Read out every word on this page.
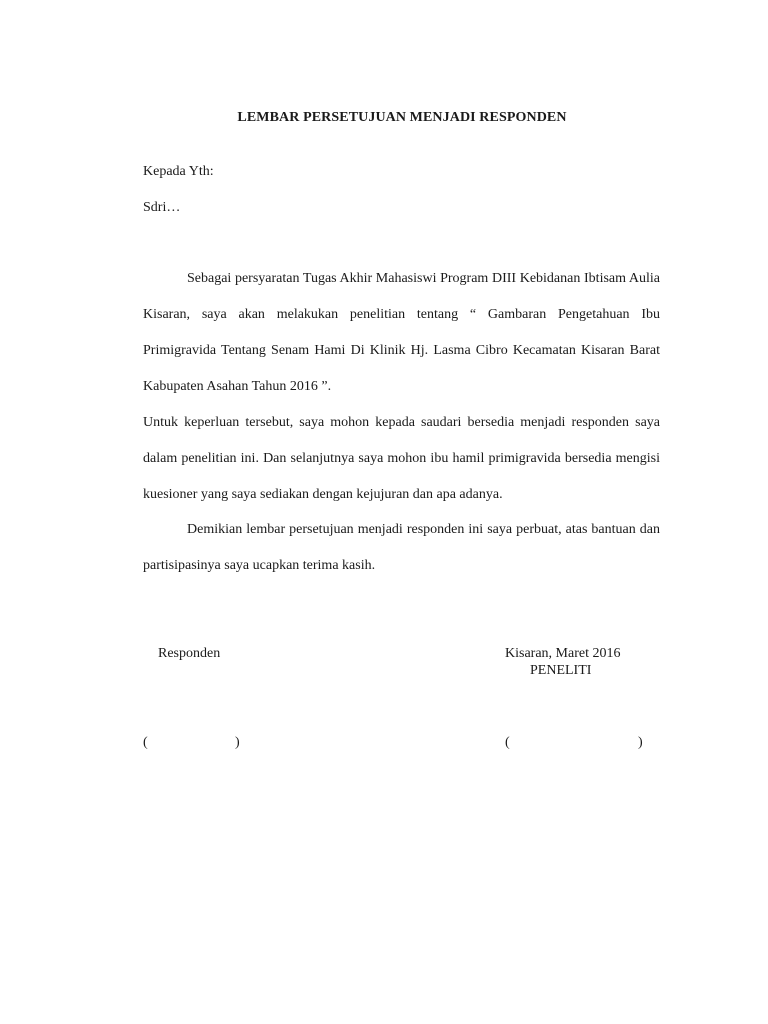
LEMBAR PERSETUJUAN MENJADI RESPONDEN
Kepada Yth:
Sdri…
Sebagai persyaratan Tugas Akhir Mahasiswi Program DIII Kebidanan Ibtisam Aulia Kisaran, saya akan melakukan penelitian tentang “ Gambaran Pengetahuan Ibu Primigravida Tentang Senam Hami Di Klinik Hj. Lasma Cibro Kecamatan Kisaran Barat Kabupaten Asahan Tahun 2016 ”.
Untuk keperluan tersebut, saya mohon kepada saudari bersedia menjadi responden saya dalam penelitian ini. Dan selanjutnya saya mohon ibu hamil primigravida bersedia mengisi kuesioner yang saya sediakan dengan kejujuran dan apa adanya.
Demikian lembar persetujuan menjadi responden ini saya perbuat, atas bantuan dan partisipasinya saya ucapkan terima kasih.
Responden	Kisaran, Maret 2016
PENELITI
(	)	(	)
